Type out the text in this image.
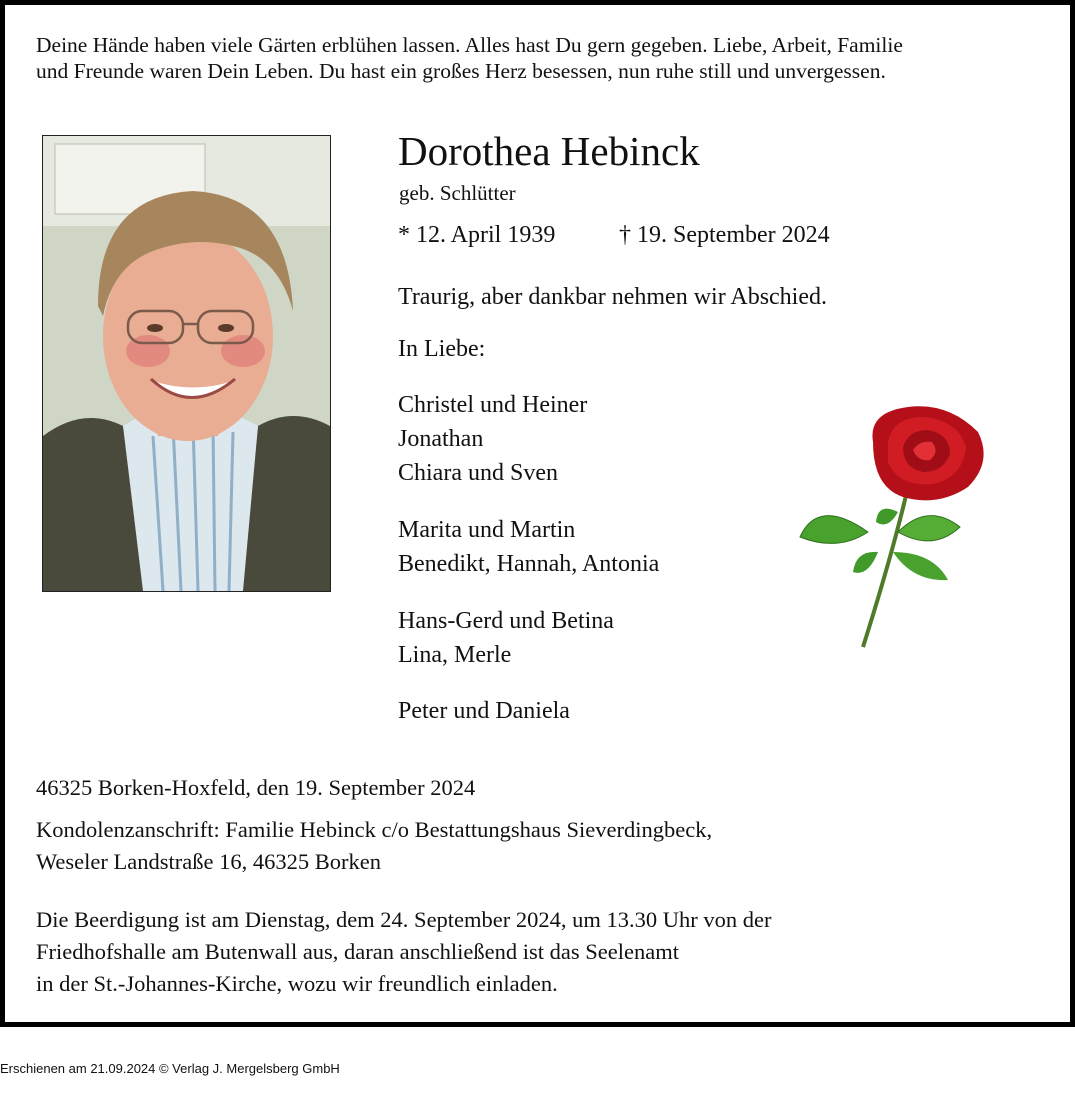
Deine Hände haben viele Gärten erblühen lassen. Alles hast Du gern gegeben. Liebe, Arbeit, Familie
und Freunde waren Dein Leben. Du hast ein großes Herz besessen, nun ruhe still und unvergessen.
Dorothea Hebinck
geb. Schlütter
* 12. April 1939	† 19. September 2024
Traurig, aber dankbar nehmen wir Abschied.
In Liebe:
Christel und Heiner
Jonathan
Chiara und Sven
Marita und Martin
Benedikt, Hannah, Antonia
Hans-Gerd und Betina
Lina, Merle
Peter und Daniela
46325 Borken-Hoxfeld, den 19. September 2024
Kondolenzanschrift: Familie Hebinck c/o Bestattungshaus Sieverdingbeck,
Weseler Landstraße 16, 46325 Borken
Die Beerdigung ist am Dienstag, dem 24. September 2024, um 13.30 Uhr von der
Friedhofshalle am Butenwall aus, daran anschließend ist das Seelenamt
in der St.-Johannes-Kirche, wozu wir freundlich einladen.
Erschienen am 21.09.2024 © Verlag J. Mergelsberg GmbH
